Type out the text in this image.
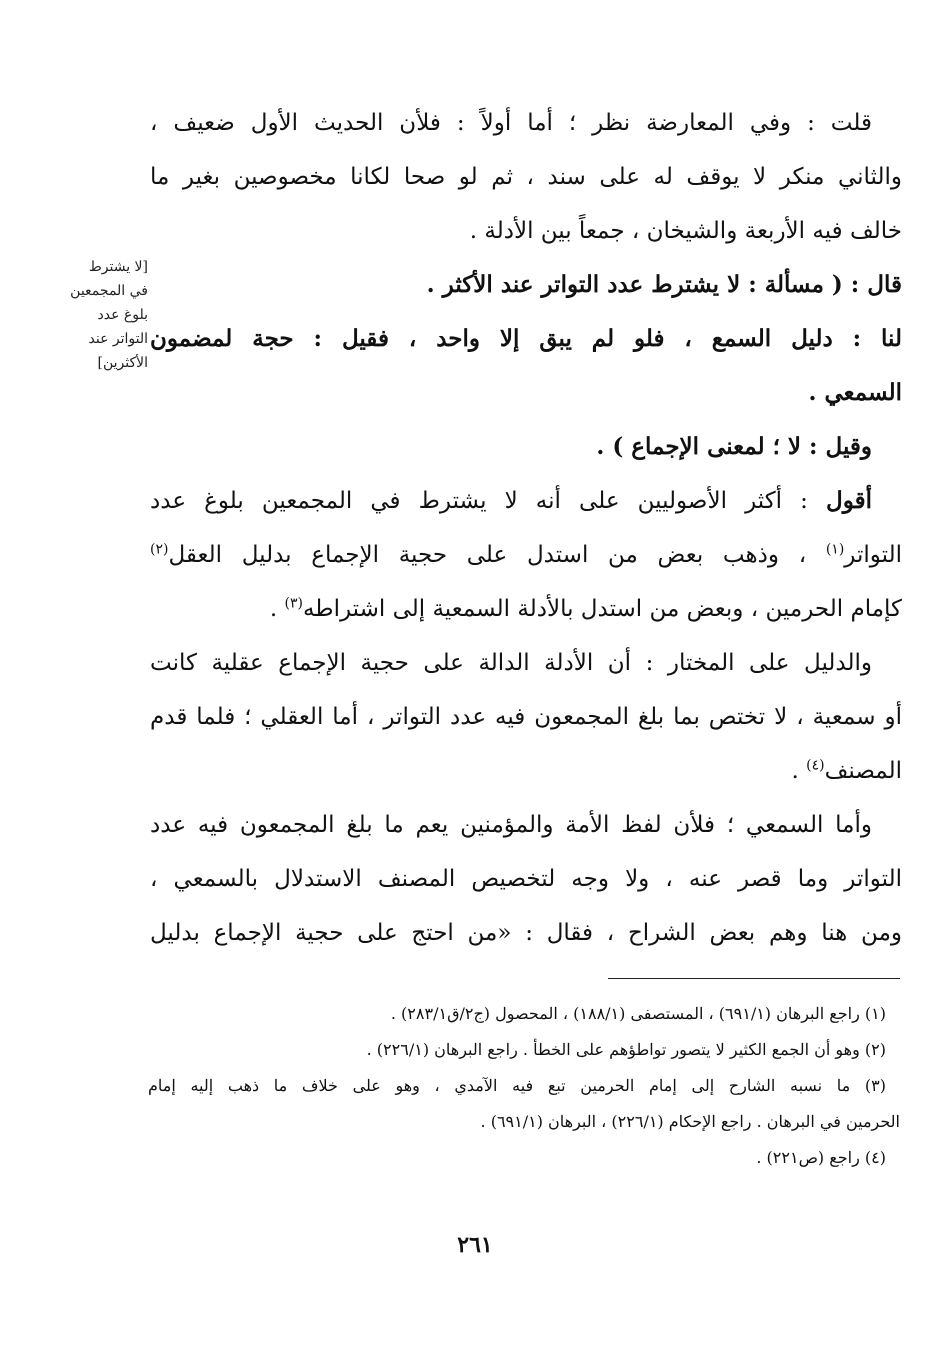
[لا يشترط
في المجمعين
بلوغ عدد
التواتر عند
الأكثرين]
قلت : وفي المعارضة نظر ؛ أما أولاً : فلأن الحديث الأول ضعيف ،
والثاني منكر لا يوقف له على سند ، ثم لو صحا لكانا مخصوصين بغير ما
خالف فيه الأربعة والشيخان ، جمعاً بين الأدلة .
قال : ( مسألة : لا يشترط عدد التواتر عند الأكثر .
لنا : دليل السمع ، فلو لم يبق إلا واحد ، فقيل : حجة لمضمون
السمعي .
وقيل : لا ؛ لمعنى الإجماع ) .
أقول : أكثر الأصوليين على أنه لا يشترط في المجمعين بلوغ عدد
التواتر$^{(١)}$ ، وذهب بعض من استدل على حجية الإجماع بدليل العقل$^{(٢)}$
كإمام الحرمين ، وبعض من استدل بالأدلة السمعية إلى اشتراطه$^{(٣)}$ .
والدليل على المختار : أن الأدلة الدالة على حجية الإجماع عقلية كانت
أو سمعية ، لا تختص بما بلغ المجمعون فيه عدد التواتر ، أما العقلي ؛ فلما قدم
المصنف$^{(٤)}$ .
وأما السمعي ؛ فلأن لفظ الأمة والمؤمنين يعم ما بلغ المجمعون فيه عدد
التواتر وما قصر عنه ، ولا وجه لتخصيص المصنف الاستدلال بالسمعي ،
ومن هنا وهم بعض الشراح ، فقال : «من احتج على حجية الإجماع بدليل
(١) راجع البرهان (٦٩١/١) ، المستصفى (١٨٨/١) ، المحصول (ج٢/ق٢٨٣/١) .
(٢) وهو أن الجمع الكثير لا يتصور تواطؤهم على الخطأ . راجع البرهان (٢٢٦/١) .
(٣) ما نسبه الشارح إلى إمام الحرمين تبع فيه الآمدي ، وهو على خلاف ما ذهب إليه إمام
الحرمين في البرهان . راجع الإحكام (٢٢٦/١) ، البرهان (٦٩١/١) .
(٤) راجع (ص٢٢١) .
٢٦١
